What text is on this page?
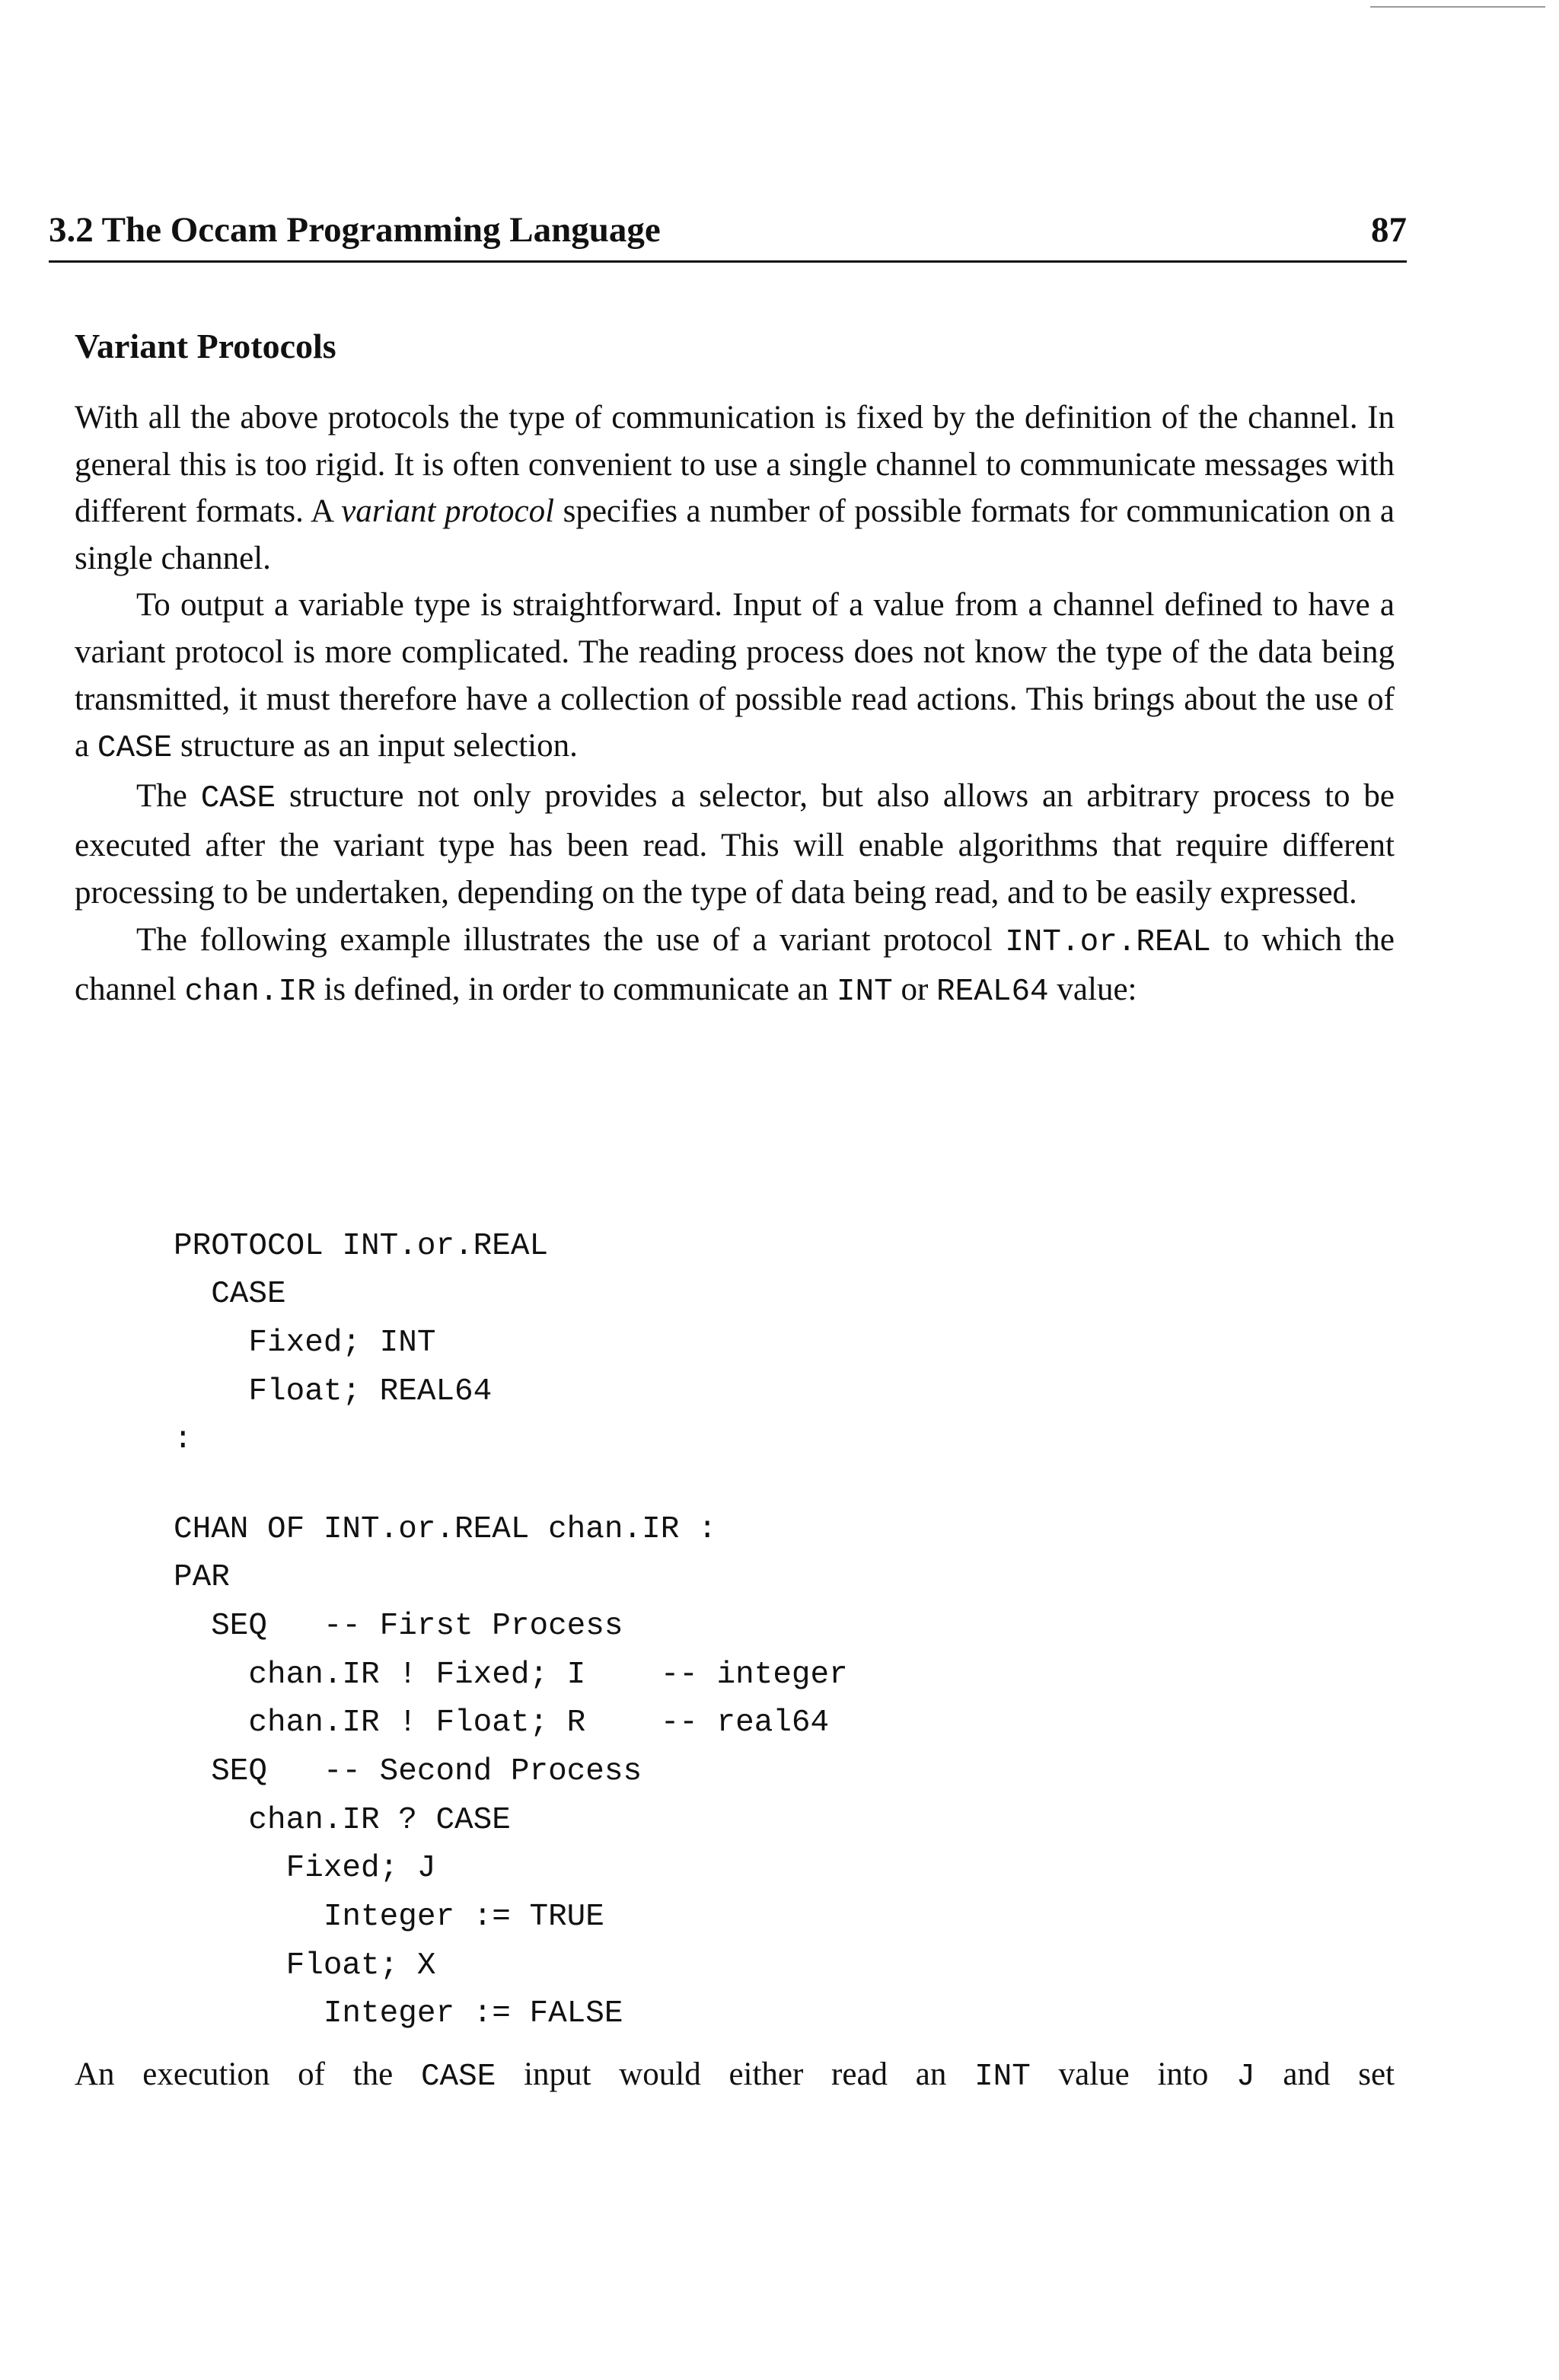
3.2 The Occam Programming Language	87
Variant Protocols

With all the above protocols the type of communication is fixed by the definition of the channel. In general this is too rigid. It is often convenient to use a single channel to communicate messages with different formats. A variant protocol specifies a number of possible formats for communication on a single channel.

To output a variable type is straightforward. Input of a value from a channel defined to have a variant protocol is more complicated. The reading process does not know the type of the data being transmitted, it must therefore have a collection of possible read actions. This brings about the use of a CASE structure as an input selection.

The CASE structure not only provides a selector, but also allows an arbitrary process to be executed after the variant type has been read. This will enable algorithms that require different processing to be undertaken, depending on the type of data being read, and to be easily expressed.

The following example illustrates the use of a variant protocol INT.or.REAL to which the channel chan.IR is defined, in order to communicate an INT or REAL64 value:

An execution of the CASE input would either read an INT value into J and set

PROTOCOL INT.or.REAL
CASE
Fixed; INT
Float; REAL64
:
CHAN OF INT.or.REAL chan.IR :
PAR
SEQ   -- First Process
chan.IR ! Fixed; I    -- integer
chan.IR ! Float; R    -- real64
SEQ   -- Second Process
chan.IR ? CASE
Fixed; J
Integer := TRUE
Float; X
Integer := FALSE
